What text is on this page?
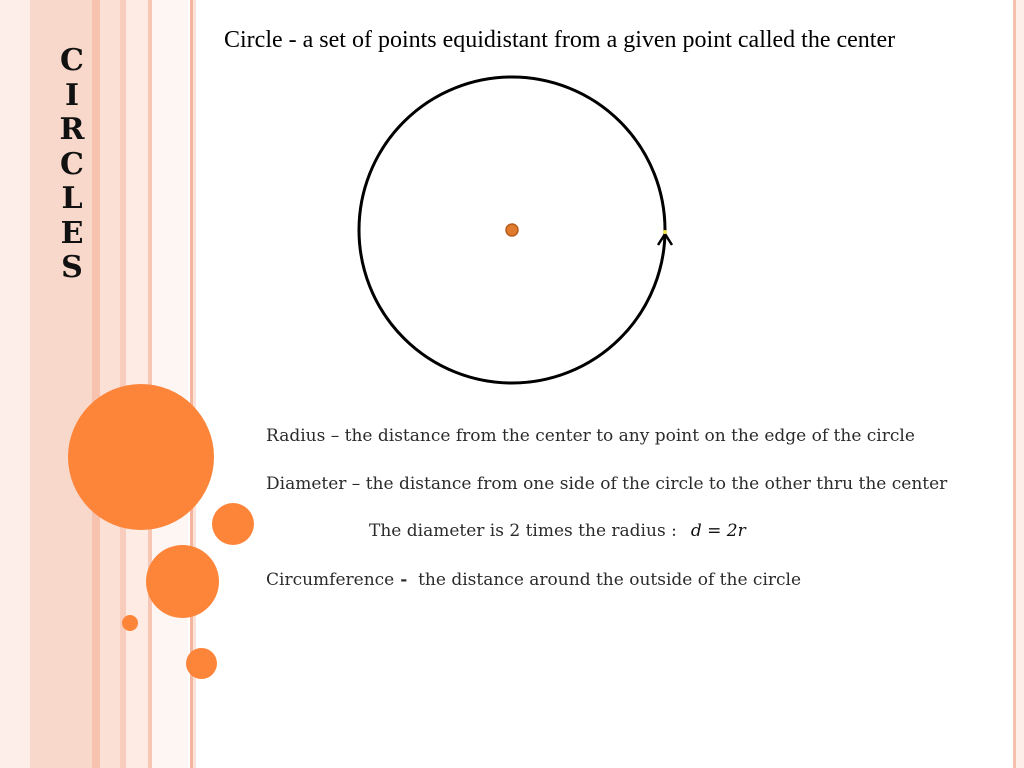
C
I
R
C
L
E
S
Circle - a set of points equidistant from a given point called the center
Radius – the distance from the center to any point on the edge of the circle
Diameter – the distance from one side of the circle to the other thru the center
The diameter is 2 times the radius : d = 2r
Circumference -  the distance around the outside of the circle
